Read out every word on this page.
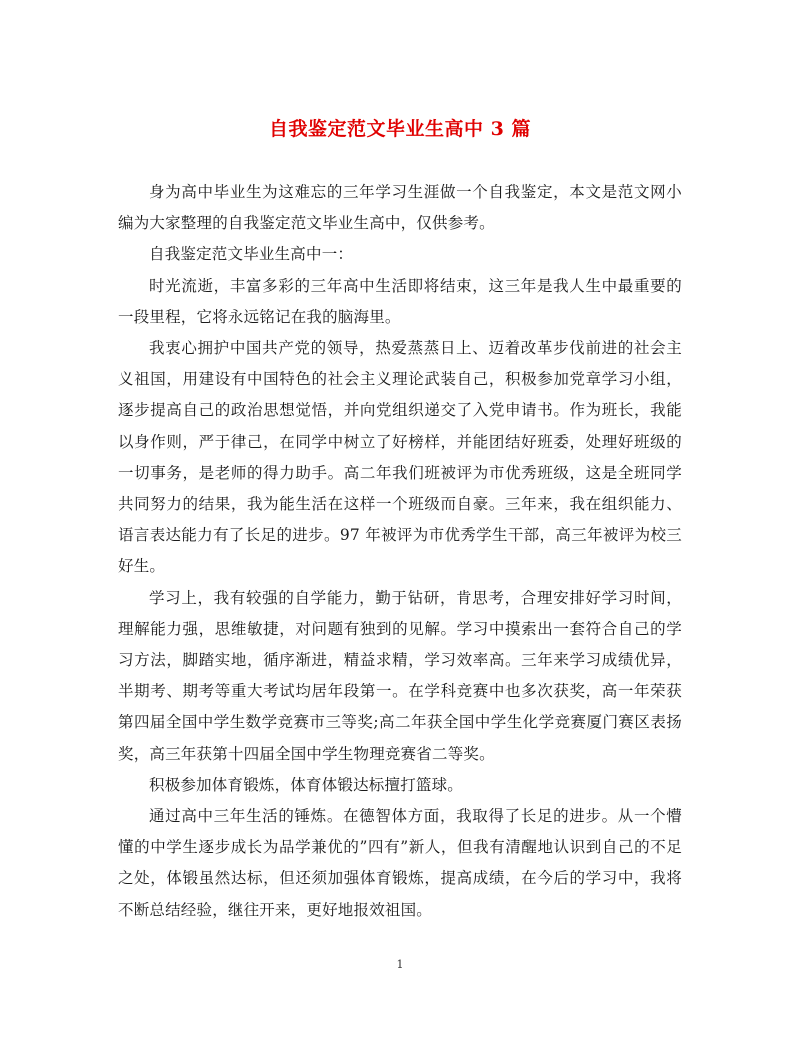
自我鉴定范文毕业生高中 3 篇

身为高中毕业生为这难忘的三年学习生涯做一个自我鉴定，本文是范文网小编为大家整理的自我鉴定范文毕业生高中，仅供参考。

自我鉴定范文毕业生高中一：

时光流逝，丰富多彩的三年高中生活即将结束，这三年是我人生中最重要的一段里程，它将永远铭记在我的脑海里。

我衷心拥护中国共产党的领导，热爱蒸蒸日上、迈着改革步伐前进的社会主义祖国，用建设有中国特色的社会主义理论武装自己，积极参加党章学习小组，逐步提高自己的政治思想觉悟，并向党组织递交了入党申请书。作为班长，我能以身作则，严于律己，在同学中树立了好榜样，并能团结好班委，处理好班级的一切事务，是老师的得力助手。高二年我们班被评为市优秀班级，这是全班同学共同努力的结果，我为能生活在这样一个班级而自豪。三年来，我在组织能力、语言表达能力有了长足的进步。97 年被评为市优秀学生干部，高三年被评为校三好生。

学习上，我有较强的自学能力，勤于钻研，肯思考，合理安排好学习时间，理解能力强，思维敏捷，对问题有独到的见解。学习中摸索出一套符合自己的学习方法，脚踏实地，循序渐进，精益求精，学习效率高。三年来学习成绩优异，半期考、期考等重大考试均居年段第一。在学科竞赛中也多次获奖，高一年荣获第四届全国中学生数学竞赛市三等奖;高二年获全国中学生化学竞赛厦门赛区表扬奖，高三年获第十四届全国中学生物理竞赛省二等奖。

积极参加体育锻炼，体育体锻达标擅打篮球。

通过高中三年生活的锤炼。在德智体方面，我取得了长足的进步。从一个懵懂的中学生逐步成长为品学兼优的”四有”新人，但我有清醒地认识到自己的不足之处，体锻虽然达标，但还须加强体育锻炼，提高成绩，在今后的学习中，我将不断总结经验，继往开来，更好地报效祖国。

1
